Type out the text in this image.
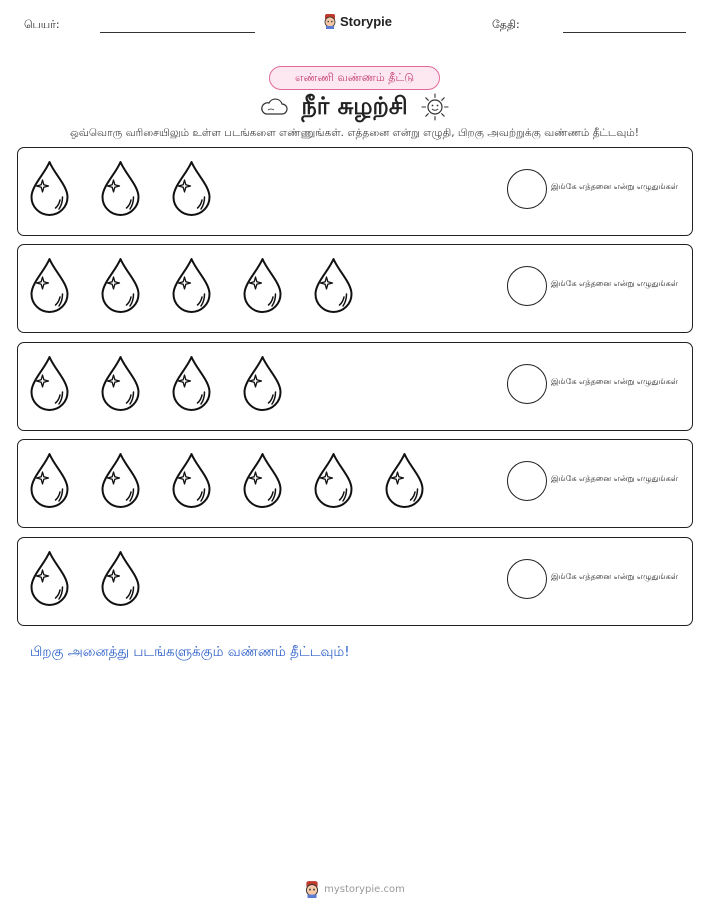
பெயர்:	Storypie	தேதி:
எண்ணி வண்ணம் தீட்டு
நீர் சுழற்சி
ஒவ்வொரு வரிசையிலும் உள்ள படங்களை எண்ணுங்கள். எத்தனை என்று எழுதி, பிறகு அவற்றுக்கு வண்ணம் தீட்டவும்!
இங்கே எத்தனை என்று எழுதுங்கள்
இங்கே எத்தனை என்று எழுதுங்கள்
இங்கே எத்தனை என்று எழுதுங்கள்
இங்கே எத்தனை என்று எழுதுங்கள்
இங்கே எத்தனை என்று எழுதுங்கள்
பிறகு அனைத்து படங்களுக்கும் வண்ணம் தீட்டவும்!
mystorypie.com
